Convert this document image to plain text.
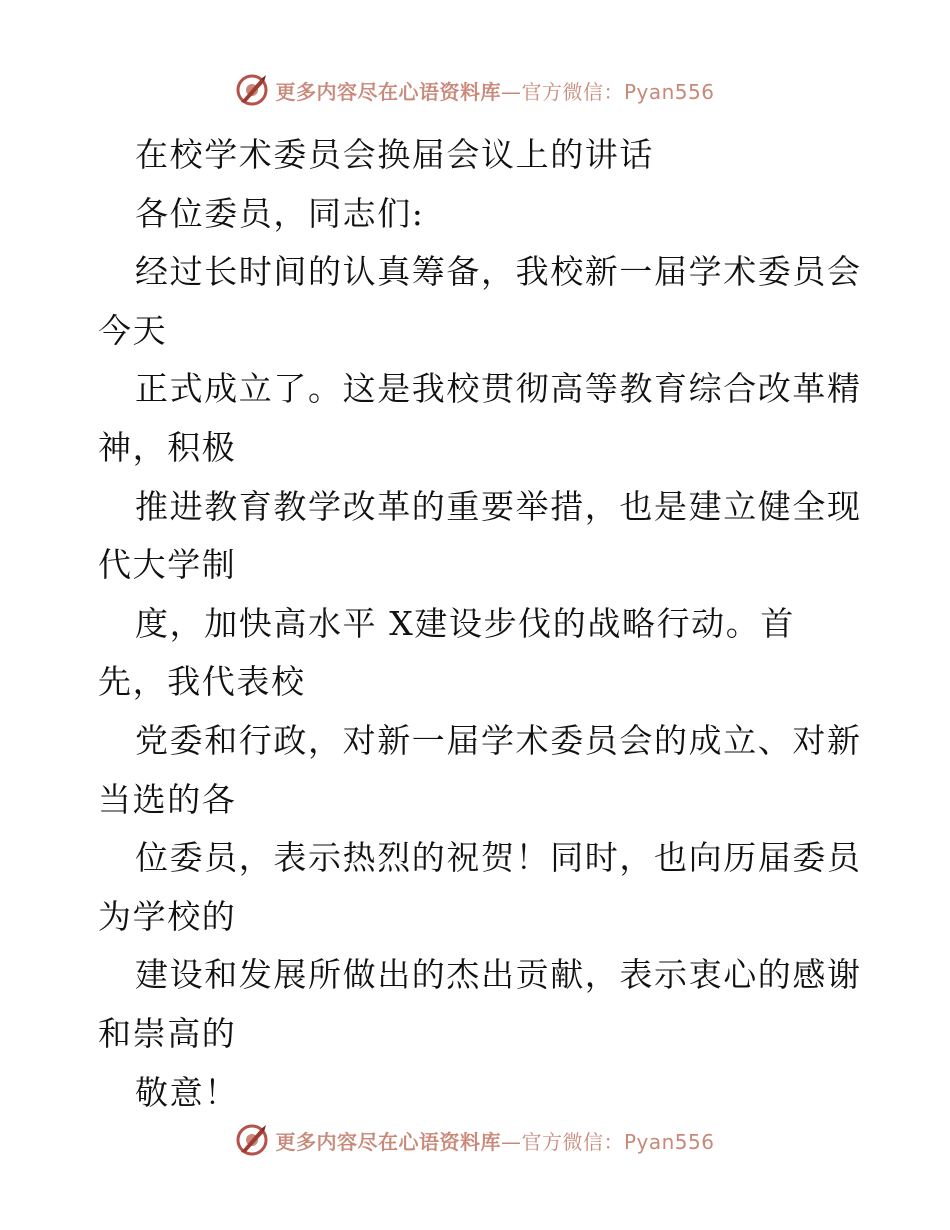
更多内容尽在心语资料库—官方微信：Pyan556
在校学术委员会换届会议上的讲话
各位委员，同志们:
经过长时间的认真筹备，我校新一届学术委员会
今天
正式成立了。这是我校贯彻高等教育综合改革精
神，积极
推进教育教学改革的重要举措，也是建立健全现
代大学制
度，加快高水平 X建设步伐的战略行动。首
先，我代表校
党委和行政，对新一届学术委员会的成立、对新
当选的各
位委员，表示热烈的祝贺！同时，也向历届委员
为学校的
建设和发展所做出的杰出贡献，表示衷心的感谢
和崇高的
敬意！
更多内容尽在心语资料库—官方微信：Pyan556
